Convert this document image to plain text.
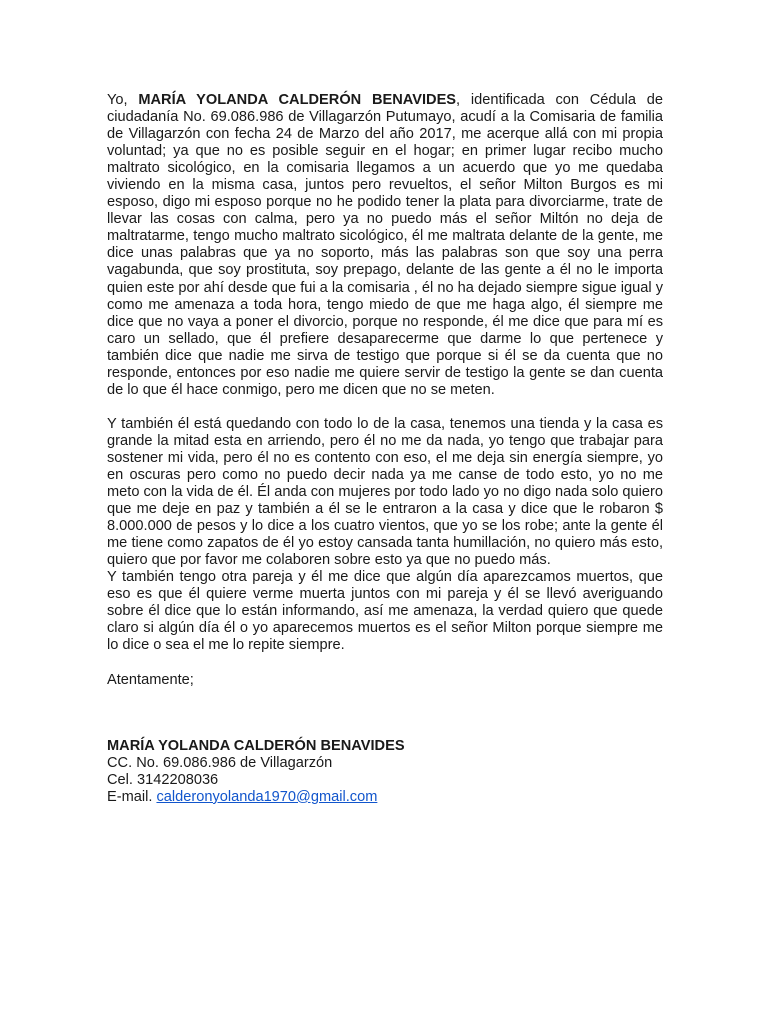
Yo, MARÍA YOLANDA CALDERÓN BENAVIDES, identificada con Cédula de ciudadanía No. 69.086.986 de Villagarzón Putumayo, acudí a la Comisaria de familia de Villagarzón con fecha 24 de Marzo del año 2017, me acerque allá con mi propia voluntad; ya que no es posible seguir en el hogar; en primer lugar recibo mucho maltrato sicológico, en la comisaria llegamos a un acuerdo que yo me quedaba viviendo en la misma casa, juntos pero revueltos, el señor Milton Burgos es mi esposo, digo mi esposo porque no he podido tener la plata para divorciarme, trate de llevar las cosas con calma, pero ya no puedo más el señor Miltón no deja de maltratarme, tengo mucho maltrato sicológico, él me maltrata delante de la gente, me dice unas palabras que ya no soporto, más las palabras son que soy una perra vagabunda, que soy prostituta, soy prepago, delante de las gente a él no le importa quien este por ahí desde que fui a la comisaria , él no ha dejado siempre sigue igual y como me amenaza a toda hora, tengo miedo de que me haga algo, él siempre me dice que no vaya a poner el divorcio, porque no responde, él me dice que para mí es caro un sellado, que él prefiere desaparecerme que darme lo que pertenece y también dice que nadie me sirva de testigo que porque si él se da cuenta que no responde, entonces por eso nadie me quiere servir de testigo la gente se dan cuenta de lo que él hace conmigo, pero me dicen que no se meten.

Y también él está quedando con todo lo de la casa, tenemos una tienda y la casa es grande la mitad esta en arriendo, pero él no me da nada, yo tengo que trabajar para sostener mi vida, pero él no es contento con eso, el me deja sin energía siempre, yo en oscuras pero como no puedo decir nada ya me canse de todo esto, yo no me meto con la vida de él. Él anda con mujeres por todo lado yo no digo nada solo quiero que me deje en paz y también a él se le entraron a la casa y dice que le robaron $ 8.000.000 de pesos y lo dice a los cuatro vientos, que yo se los robe; ante la gente él me tiene como zapatos de él yo estoy cansada tanta humillación, no quiero más esto, quiero que por favor me colaboren sobre esto ya que no puedo más.

Y también tengo otra pareja y él me dice que algún día aparezcamos muertos, que eso es que él quiere verme muerta juntos con mi pareja y él se llevó averiguando sobre él dice que lo están informando, así me amenaza, la verdad quiero que quede claro si algún día él o yo aparecemos muertos es el señor Milton porque siempre me lo dice o sea el me lo repite siempre.

Atentamente;

MARÍA YOLANDA CALDERÓN BENAVIDES

CC. No. 69.086.986 de Villagarzón

Cel. 3142208036

E-mail. calderonyolanda1970@gmail.com
